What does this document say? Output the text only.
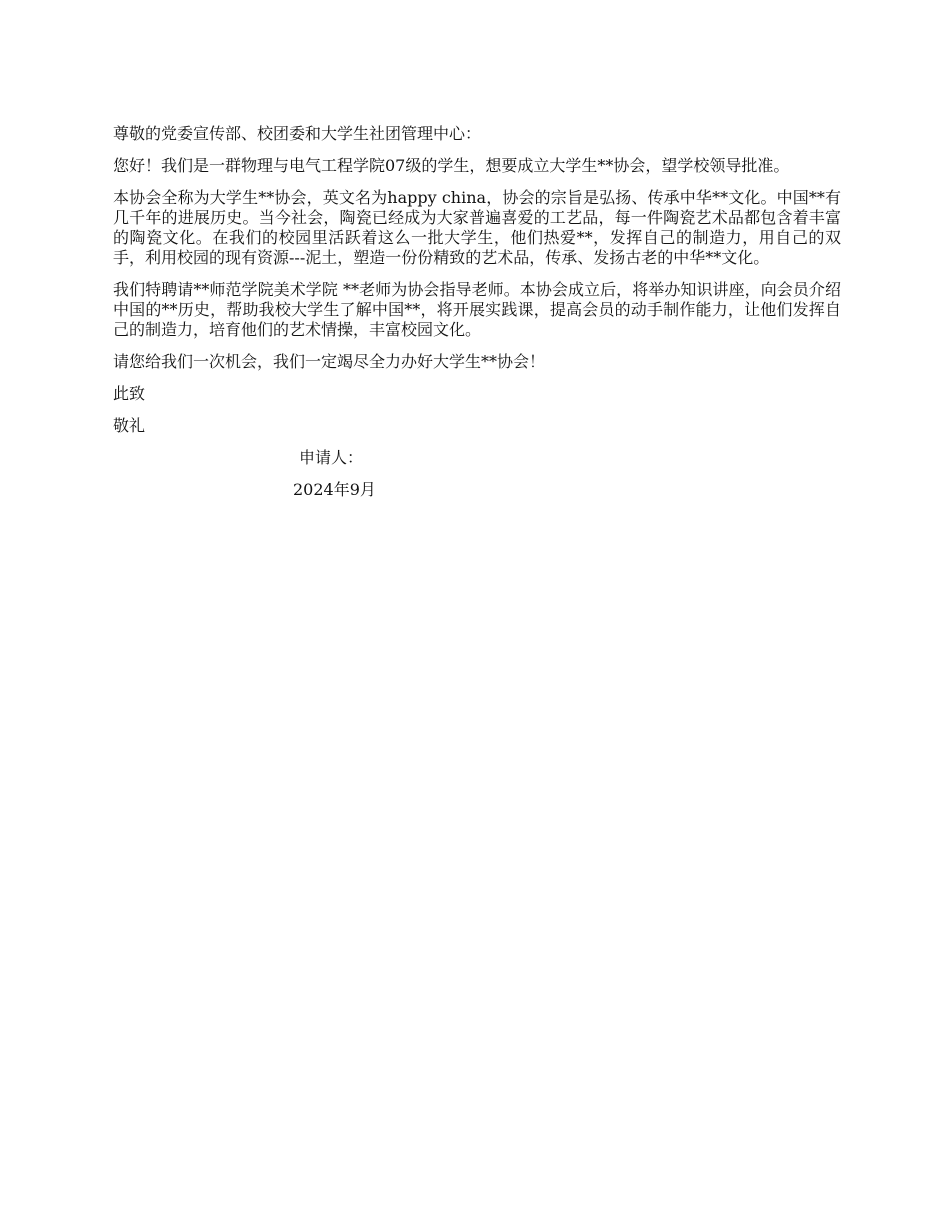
尊敬的党委宣传部、校团委和大学生社团管理中心：

您好！我们是一群物理与电气工程学院07级的学生，想要成立大学生**协会，望学校领导批准。

本协会全称为大学生**协会，英文名为happy china，协会的宗旨是弘扬、传承中华**文化。中国**有几千年的进展历史。当今社会，陶瓷已经成为大家普遍喜爱的工艺品，每一件陶瓷艺术品都包含着丰富的陶瓷文化。在我们的校园里活跃着这么一批大学生，他们热爱**，发挥自己的制造力，用自己的双手，利用校园的现有资源---泥土，塑造一份份精致的艺术品，传承、发扬古老的中华**文化。

我们特聘请**师范学院美术学院 **老师为协会指导老师。本协会成立后，将举办知识讲座，向会员介绍中国的**历史，帮助我校大学生了解中国**，将开展实践课，提高会员的动手制作能力，让他们发挥自己的制造力，培育他们的艺术情操，丰富校园文化。

请您给我们一次机会，我们一定竭尽全力办好大学生**协会！

此致

敬礼

申请人：

2024年9月
